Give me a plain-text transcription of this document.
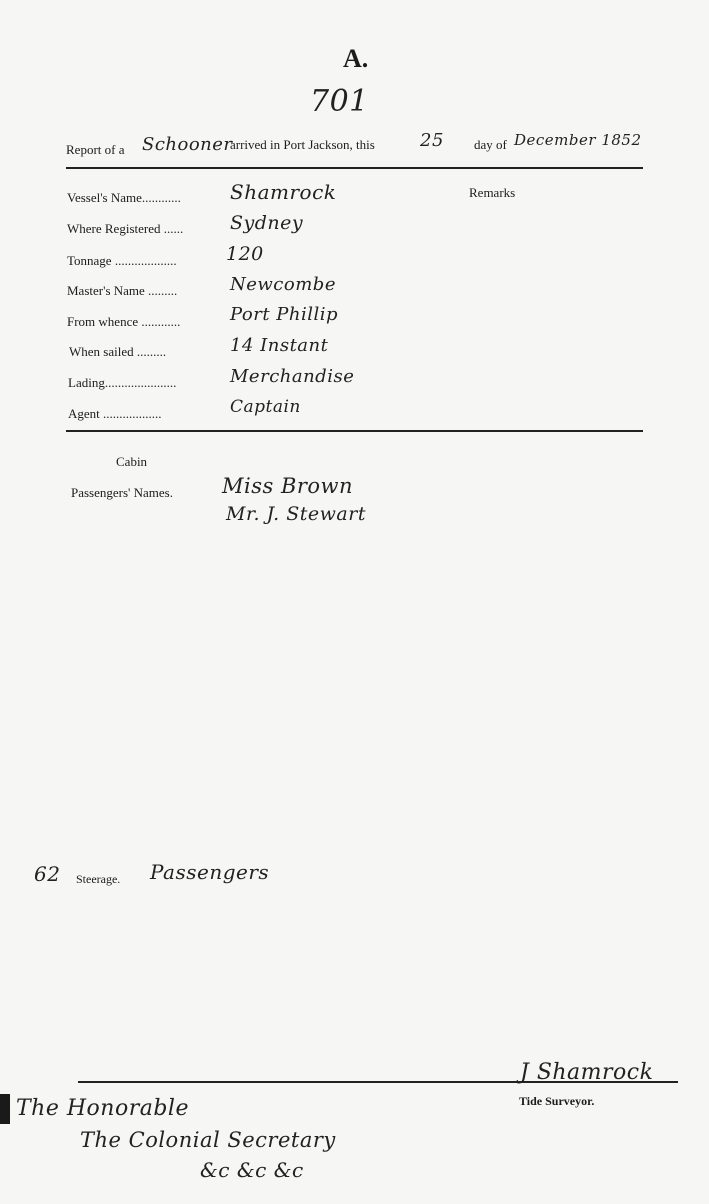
A.
701
Report of a Schooner
arrived in Port Jackson, this	25 day of December 1852
Vessel's Name............ Shamrock
Where Registered ...... Sydney
Tonnage ...................	120
Master's Name .........	Newcombe
From whence ............	Port Phillip
When sailed .........	14 Instant
Lading......................	Merchandise
Agent ..................	Captain
Remarks
Cabin
Passengers' Names. Miss Brown
Mr. J. Stewart
62 Steerage. Passengers
J Shamrock
Tide Surveyor.
The Honorable
The Colonial Secretary
&c &c &c
